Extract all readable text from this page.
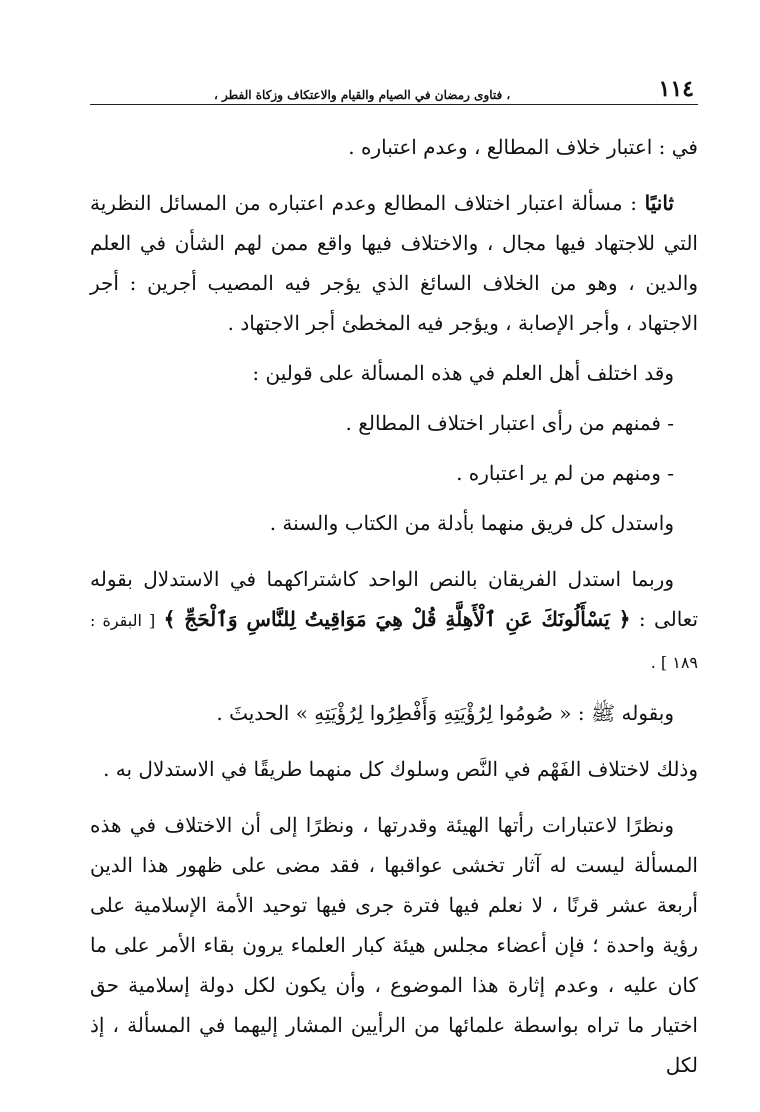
١١٤
، فتاوى رمضان في الصيام والقيام والاعتكاف وزكاة الفطر ،

في : اعتبار خلاف المطالع ، وعدم اعتباره .

ثانيًا : مسألة اعتبار اختلاف المطالع وعدم اعتباره من المسائل النظرية التي للاجتهاد فيها مجال ، والاختلاف فيها واقع ممن لهم الشأن في العلم والدين ، وهو من الخلاف السائغ الذي يؤجر فيه المصيب أجرين : أجر الاجتهاد ، وأجر الإصابة ، ويؤجر فيه المخطئ أجر الاجتهاد .

وقد اختلف أهل العلم في هذه المسألة على قولين :

- فمنهم من رأى اعتبار اختلاف المطالع .

- ومنهم من لم ير اعتباره .

واستدل كل فريق منهما بأدلة من الكتاب والسنة .

وربما استدل الفريقان بالنص الواحد كاشتراكهما في الاستدلال بقوله تعالى : ﴿ يَسْأَلُونَكَ عَنِ ٱلْأَهِلَّةِ قُلْ هِيَ مَوَاقِيتُ لِلنَّاسِ وَٱلْحَجِّ ﴾ [ البقرة : ١٨٩ ] .

وبقوله ﷺ : « صُومُوا لِرُؤْيَتِهِ وَأَفْطِرُوا لِرُؤْيَتِهِ » الحديثَ .

وذلك لاختلاف الفَهْم في النَّص وسلوك كل منهما طريقًا في الاستدلال به .

ونظرًا لاعتبارات رأتها الهيئة وقدرتها ، ونظرًا إلى أن الاختلاف في هذه المسألة ليست له آثار تخشى عواقبها ، فقد مضى على ظهور هذا الدين أربعة عشر قرنًا ، لا نعلم فيها فترة جرى فيها توحيد الأمة الإسلامية على رؤية واحدة ؛ فإن أعضاء مجلس هيئة كبار العلماء يرون بقاء الأمر على ما كان عليه ، وعدم إثارة هذا الموضوع ، وأن يكون لكل دولة إسلامية حق اختيار ما تراه بواسطة علمائها من الرأيين المشار إليهما في المسألة ، إذ لكل
